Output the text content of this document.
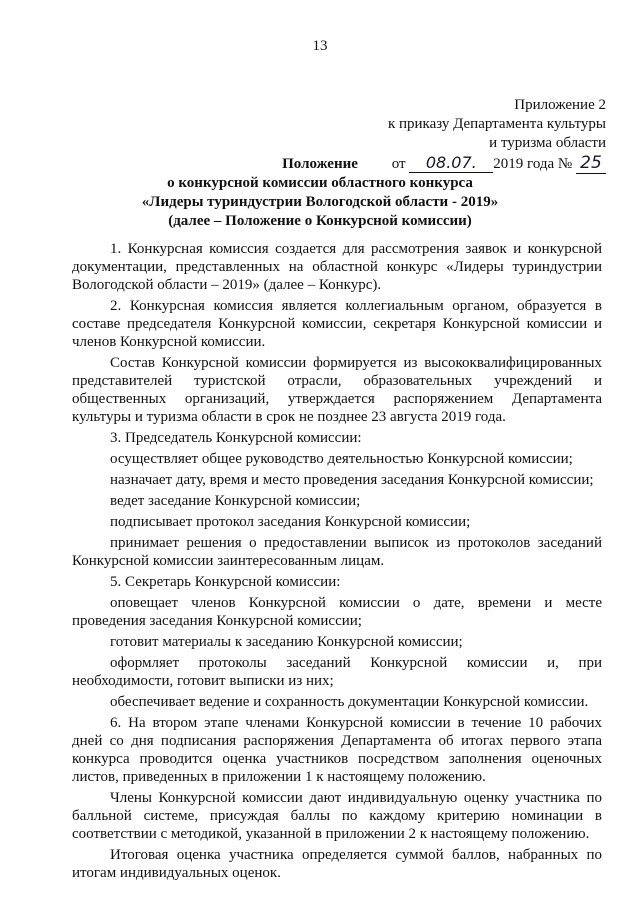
13
Приложение 2
к приказу Департамента культуры
и туризма области
от 08.07. 2019 года № 25
Положение
о конкурсной комиссии областного конкурса
«Лидеры туриндустрии Вологодской области - 2019»
(далее – Положение о Конкурсной комиссии)

1. Конкурсная комиссия создается для рассмотрения заявок и конкурсной документации, представленных на областной конкурс «Лидеры туриндустрии Вологодской области – 2019» (далее – Конкурс).

2. Конкурсная комиссия является коллегиальным органом, образуется в составе председателя Конкурсной комиссии, секретаря Конкурсной комиссии и членов Конкурсной комиссии.

Состав Конкурсной комиссии формируется из высококвалифицированных представителей туристской отрасли, образовательных учреждений и общественных организаций, утверждается распоряжением Департамента культуры и туризма области в срок не позднее 23 августа 2019 года.

3. Председатель Конкурсной комиссии:

осуществляет общее руководство деятельностью Конкурсной комиссии;

назначает дату, время и место проведения заседания Конкурсной комиссии;

ведет заседание Конкурсной комиссии;

подписывает протокол заседания Конкурсной комиссии;

принимает решения о предоставлении выписок из протоколов заседаний Конкурсной комиссии заинтересованным лицам.

5. Секретарь Конкурсной комиссии:

оповещает членов Конкурсной комиссии о дате, времени и месте проведения заседания Конкурсной комиссии;

готовит материалы к заседанию Конкурсной комиссии;

оформляет протоколы заседаний Конкурсной комиссии и, при необходимости, готовит выписки из них;

обеспечивает ведение и сохранность документации Конкурсной комиссии.

6. На втором этапе членами Конкурсной комиссии в течение 10 рабочих дней со дня подписания распоряжения Департамента об итогах первого этапа конкурса проводится оценка участников посредством заполнения оценочных листов, приведенных в приложении 1 к настоящему положению.

Члены Конкурсной комиссии дают индивидуальную оценку участника по балльной системе, присуждая баллы по каждому критерию номинации в соответствии с методикой, указанной в приложении 2 к настоящему положению.

Итоговая оценка участника определяется суммой баллов, набранных по итогам индивидуальных оценок.
